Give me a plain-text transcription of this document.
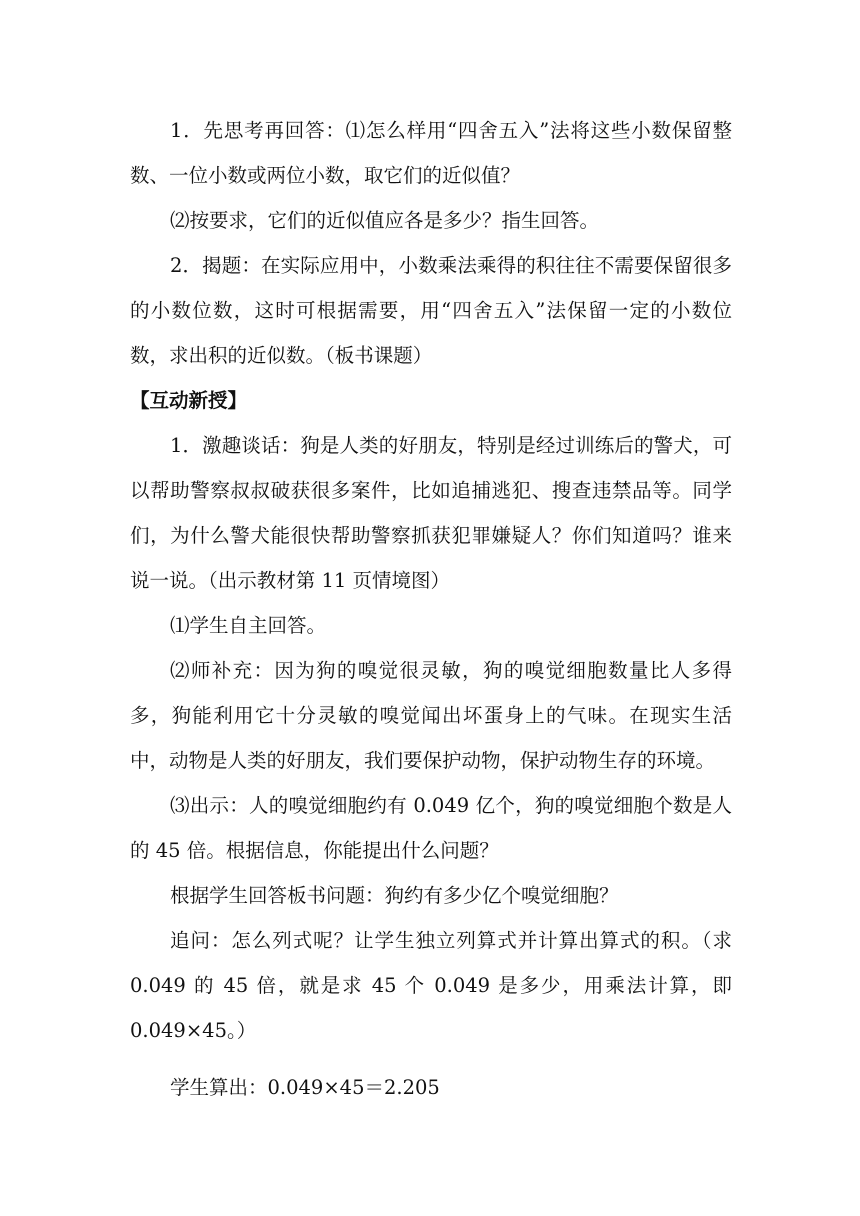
1．先思考再回答：⑴怎么样用“四舍五入”法将这些小数保留整数、一位小数或两位小数，取它们的近似值？

⑵按要求，它们的近似值应各是多少？指生回答。

2．揭题：在实际应用中，小数乘法乘得的积往往不需要保留很多的小数位数，这时可根据需要，用“四舍五入”法保留一定的小数位数，求出积的近似数。（板书课题）

【互动新授】

1．激趣谈话：狗是人类的好朋友，特别是经过训练后的警犬，可以帮助警察叔叔破获很多案件，比如追捕逃犯、搜查违禁品等。同学们，为什么警犬能很快帮助警察抓获犯罪嫌疑人？你们知道吗？谁来说一说。（出示教材第 11 页情境图）

⑴学生自主回答。

⑵师补充：因为狗的嗅觉很灵敏，狗的嗅觉细胞数量比人多得多，狗能利用它十分灵敏的嗅觉闻出坏蛋身上的气味。在现实生活中，动物是人类的好朋友，我们要保护动物，保护动物生存的环境。

⑶出示：人的嗅觉细胞约有 0.049 亿个，狗的嗅觉细胞个数是人的 45 倍。根据信息，你能提出什么问题？

根据学生回答板书问题：狗约有多少亿个嗅觉细胞？

追问：怎么列式呢？让学生独立列算式并计算出算式的积。（求 0.049 的 45 倍，就是求 45 个 0.049 是多少，用乘法计算，即 0.049×45。）

学生算出：0.049×45＝2.205
